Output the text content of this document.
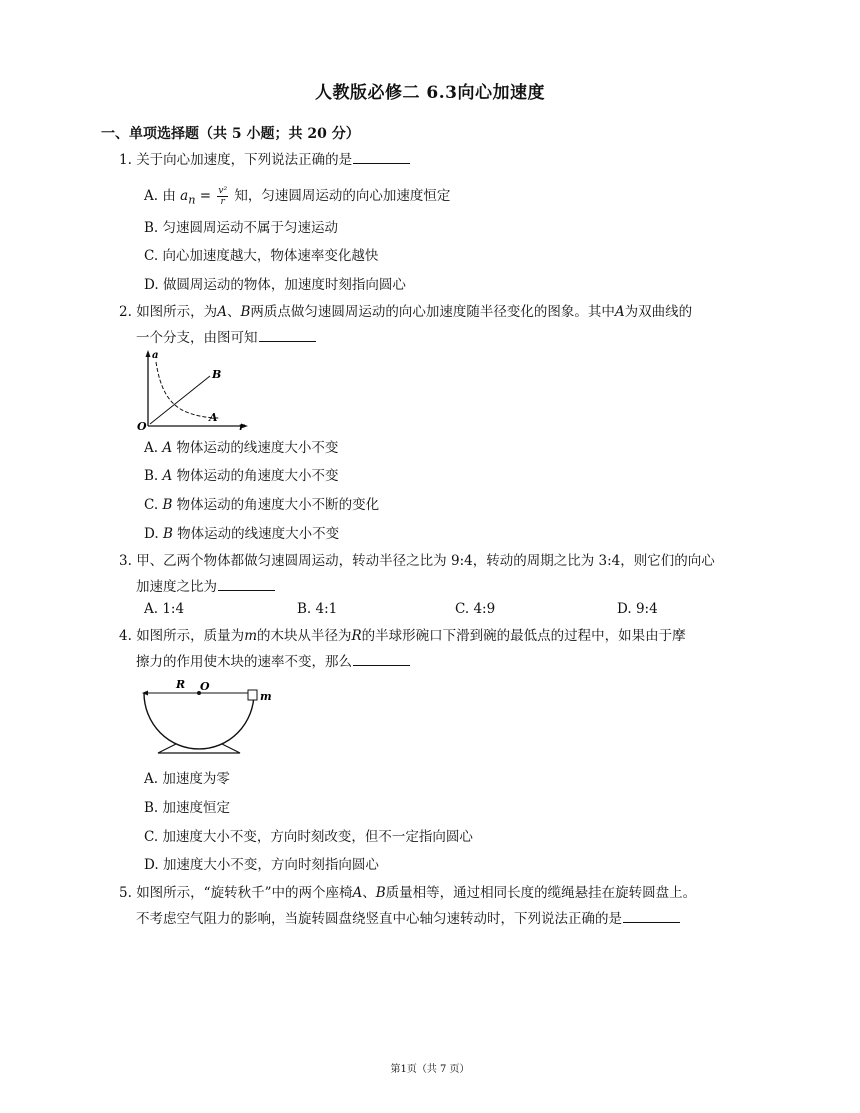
人教版必修二 6.3向心加速度
一、单项选择题（共 5 小题；共 20 分）
1. 关于向心加速度，下列说法正确的是
A. 由 $a_n = \frac{\text{v²}}{r}$ 知，匀速圆周运动的向心加速度恒定
B. 匀速圆周运动不属于匀速运动
C. 向心加速度越大，物体速率变化越快
D. 做圆周运动的物体，加速度时刻指向圆心
2. 如图所示，为A、B两质点做匀速圆周运动的向心加速度随半径变化的图象。其中A为双曲线的
一个分支，由图可知
a
r
O
B
A
A. A 物体运动的线速度大小不变
B. A 物体运动的角速度大小不变
C. B 物体运动的角速度大小不断的变化
D. B 物体运动的线速度大小不变
3. 甲、乙两个物体都做匀速圆周运动，转动半径之比为 9:4，转动的周期之比为 3:4，则它们的向心
加速度之比为
A. 1:4	B. 4:1	C. 4:9	D. 9:4
4. 如图所示，质量为m的木块从半径为R的半球形碗口下滑到碗的最低点的过程中，如果由于摩
擦力的作用使木块的速率不变，那么
R O
m
A. 加速度为零
B. 加速度恒定
C. 加速度大小不变，方向时刻改变，但不一定指向圆心
D. 加速度大小不变，方向时刻指向圆心
5. 如图所示，“旋转秋千”中的两个座椅A、B质量相等，通过相同长度的缆绳悬挂在旋转圆盘上。
不考虑空气阻力的影响，当旋转圆盘绕竖直中心轴匀速转动时，下列说法正确的是
第1页（共 7 页）
